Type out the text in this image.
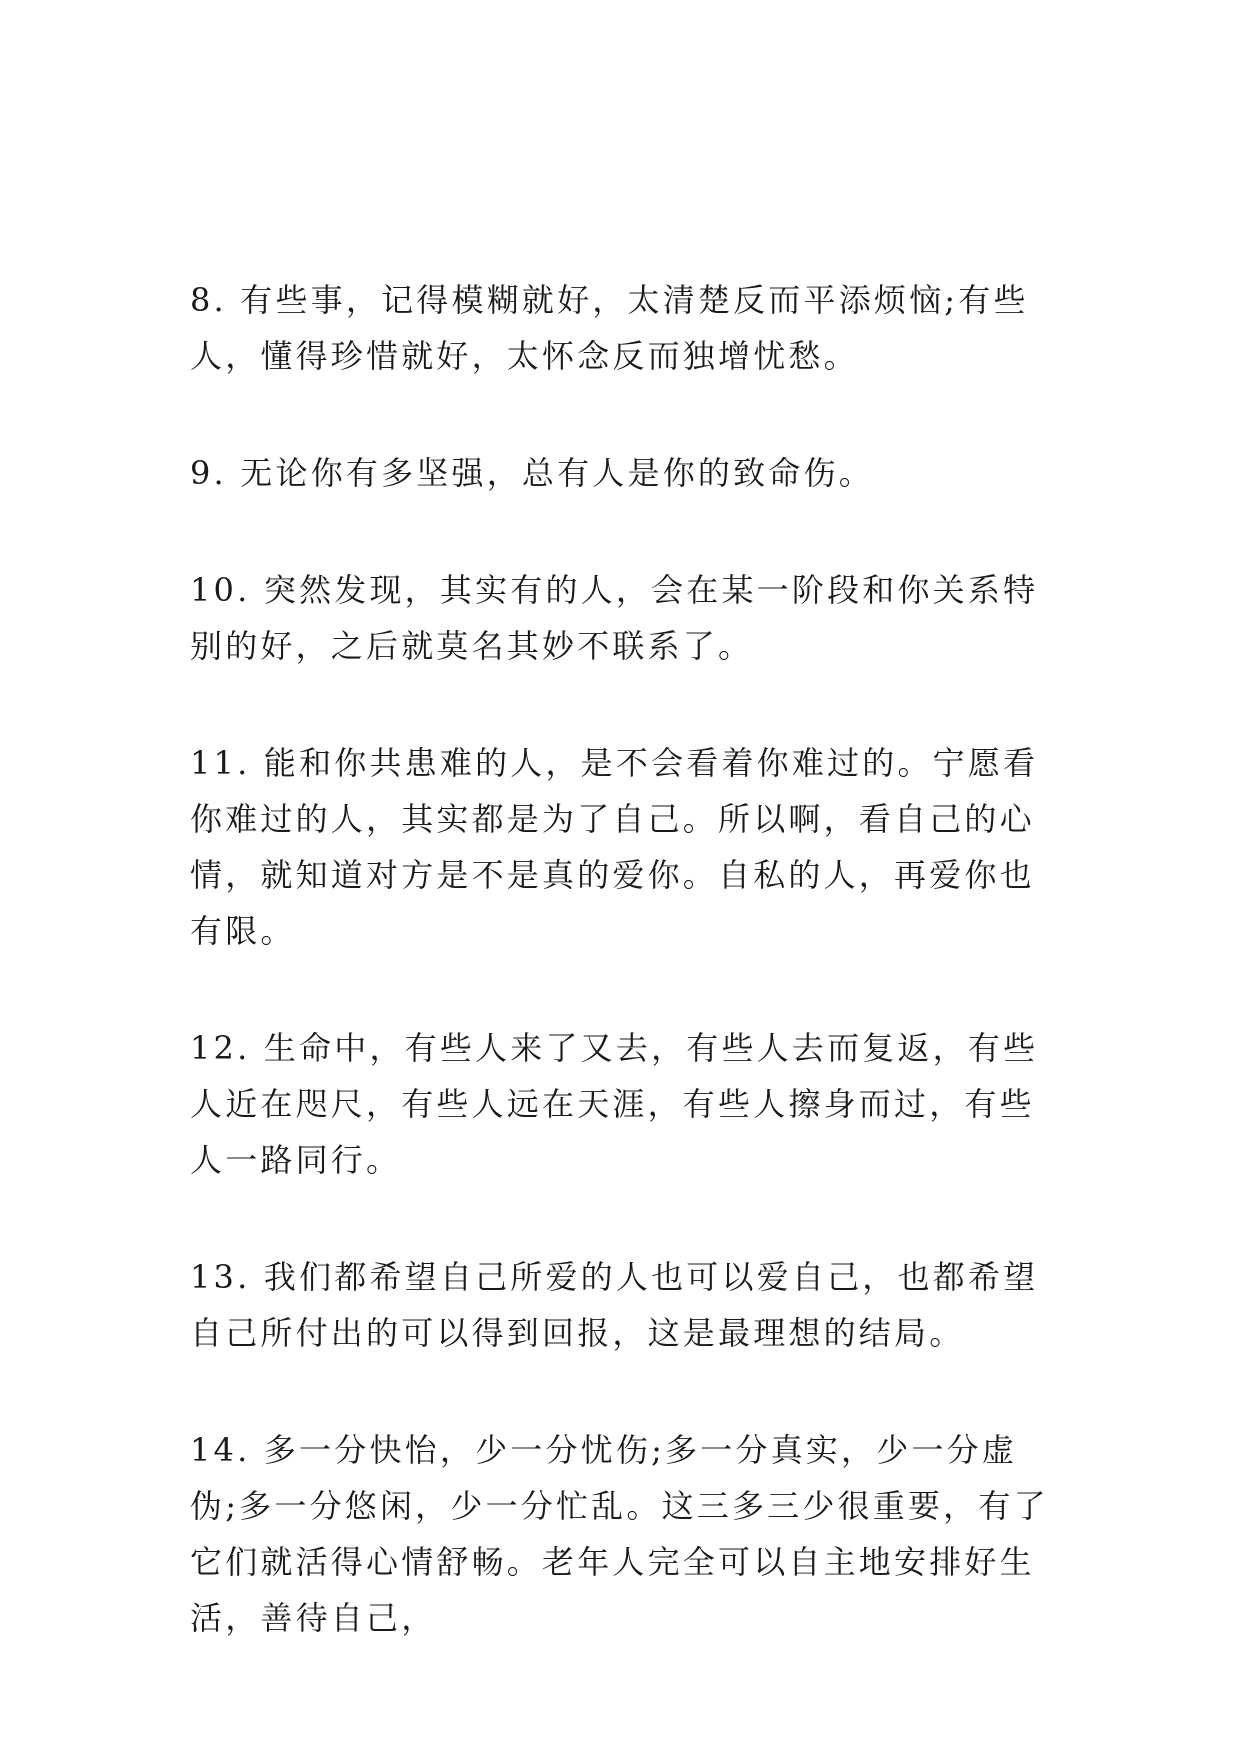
8. 有些事，记得模糊就好，太清楚反而平添烦恼;有些人，懂得珍惜就好，太怀念反而独增忧愁。

9. 无论你有多坚强，总有人是你的致命伤。

10. 突然发现，其实有的人，会在某一阶段和你关系特别的好，之后就莫名其妙不联系了。

11. 能和你共患难的人，是不会看着你难过的。宁愿看你难过的人，其实都是为了自己。所以啊，看自己的心情，就知道对方是不是真的爱你。自私的人，再爱你也有限。

12. 生命中，有些人来了又去，有些人去而复返，有些人近在咫尺，有些人远在天涯，有些人擦身而过，有些人一路同行。

13. 我们都希望自己所爱的人也可以爱自己，也都希望自己所付出的可以得到回报，这是最理想的结局。

14. 多一分快怡，少一分忧伤;多一分真实，少一分虚伪;多一分悠闲，少一分忙乱。这三多三少很重要，有了它们就活得心情舒畅。老年人完全可以自主地安排好生活，善待自己，
